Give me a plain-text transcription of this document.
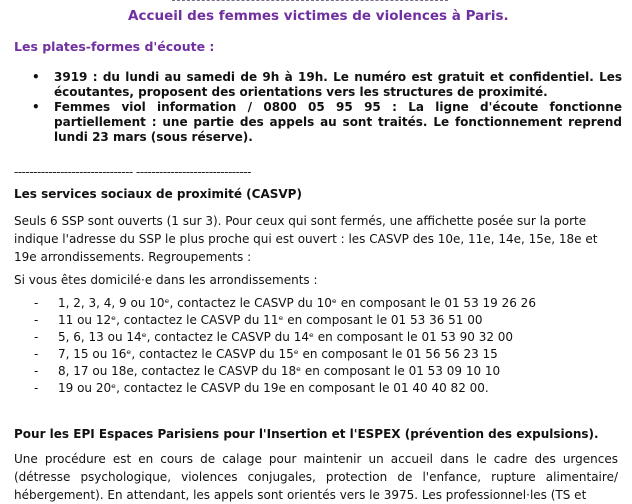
Accueil des femmes victimes de violences à Paris.
Les plates-formes d'écoute :
• 3919 : du lundi au samedi de 9h à 19h. Le numéro est gratuit et confidentiel. Les écoutantes, proposent des orientations vers les structures de proximité.
• Femmes viol information / 0800 05 95 95 : La ligne d'écoute fonctionne partiellement : une partie des appels au sont traités. Le fonctionnement reprend lundi 23 mars (sous réserve).
------------------------------- ------------------------------
Les services sociaux de proximité (CASVP)
Seuls 6 SSP sont ouverts (1 sur 3). Pour ceux qui sont fermés, une affichette posée sur la porte indique l'adresse du SSP le plus proche qui est ouvert : les CASVP des 10e, 11e, 14e, 15e, 18e et 19e arrondissements. Regroupements :
Si vous êtes domicilé·e dans les arrondissements :
- 1, 2, 3, 4, 9 ou 10ᵉ, contactez le CASVP du 10ᵉ en composant le 01 53 19 26 26
- 11 ou 12ᵉ, contactez le CASVP du 11ᵉ en composant le 01 53 36 51 00
- 5, 6, 13 ou 14ᵉ, contactez le CASVP du 14ᵉ en composant le 01 53 90 32 00
- 7, 15 ou 16ᵉ, contactez le CASVP du 15ᵉ en composant le 01 56 56 23 15
- 8, 17 ou 18e, contactez le CASVP du 18ᵉ en composant le 01 53 09 10 10
- 19 ou 20ᵉ, contactez le CASVP du 19e en composant le 01 40 40 82 00.
Pour les EPI Espaces Parisiens pour l'Insertion et l'ESPEX (prévention des expulsions).
Une procédure est en cours de calage pour maintenir un accueil dans le cadre des urgences (détresse psychologique, violences conjugales, protection de l'enfance, rupture alimentaire/ hébergement). En attendant, les appels sont orientés vers le 3975. Les professionnel·les (TS et
